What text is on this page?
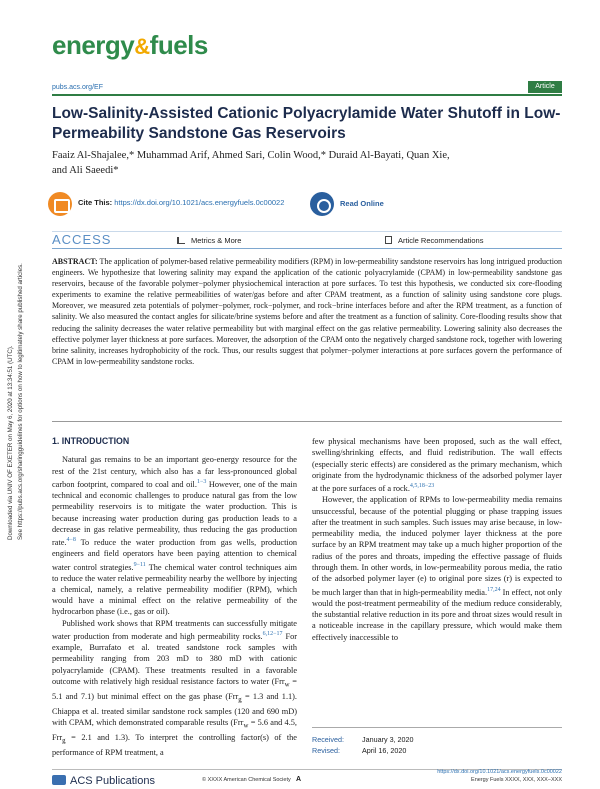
Downloaded via UNIV OF EXETER on May 6, 2020 at 13:34:51 (UTC). See https://pubs.acs.org/sharingguidelines for options on how to legitimately share published articles.
energy&fuels
pubs.acs.org/EF	Article
Low-Salinity-Assisted Cationic Polyacrylamide Water Shutoff in Low-Permeability Sandstone Gas Reservoirs
Faaiz Al-Shajalee,* Muhammad Arif, Ahmed Sari, Colin Wood,* Duraid Al-Bayati, Quan Xie,
and Ali Saeedi*
Cite This: https://dx.doi.org/10.1021/acs.energyfuels.0c00022	Read Online
ACCESS	Metrics & More	Article Recommendations
ABSTRACT: The application of polymer-based relative permeability modifiers (RPM) in low-permeability sandstone reservoirs has long intrigued production engineers. We hypothesize that lowering salinity may expand the application of the cationic polyacrylamide (CPAM) in low-permeability sandstone gas reservoirs, because of the favorable polymer−polymer physiochemical interaction at pore surfaces. To test this hypothesis, we conducted six core-flooding experiments to examine the relative permeabilities of water/gas before and after CPAM treatment, as a function of salinity using sandstone core plugs. Moreover, we measured zeta potentials of polymer−polymer, rock−polymer, and rock−brine interfaces before and after the RPM treatment, as a function of salinity. We also measured the contact angles for silicate/brine systems before and after the treatment as a function of salinity. Core-flooding results show that reducing the salinity decreases the water relative permeability but with marginal effect on the gas relative permeability. Lowering salinity also decreases the effective polymer layer thickness at pore surfaces. Moreover, the adsorption of the CPAM onto the negatively charged sandstone rock, together with lowering brine salinity, increases hydrophobicity of the rock. Thus, our results suggest that polymer−polymer interactions at pore surfaces govern the performance of CPAM in low-permeability sandstone rocks.
1. INTRODUCTION

Natural gas remains to be an important geo-energy resource for the rest of the 21st century, which also has a far less-pronounced global carbon footprint, compared to coal and oil.$^{1-3}$ However, one of the main technical and economic challenges to produce natural gas from the low permeability reservoirs is to mitigate the water production. This is because increasing water production during gas production leads to a decrease in gas relative permeability, thus reducing the gas production rate.$^{4-8}$ To reduce the water production from gas wells, production engineers and field operators have been paying attention to chemical water control strategies.$^{9-11}$ The chemical water control techniques aim to reduce the water relative permeability nearby the wellbore by injecting a chemical, namely, a relative permeability modifier (RPM), which would have a minimal effect on the relative permeability of the hydrocarbon phase (i.e., gas or oil).

Published work shows that RPM treatments can successfully mitigate water production from moderate and high permeability rocks.$^{6,12-17}$ For example, Burrafato et al. treated sandstone rock samples with permeability ranging from 203 mD to 380 mD with cationic polyacrylamide (CPAM). These treatments resulted in a favorable outcome with relatively high residual resistance factors to water (Frr$_w$ = 5.1 and 7.1) but minimal effect on the gas phase (Frr$_g$ = 1.3 and 1.1). Chiappa et al. treated similar sandstone rock samples (120 and 690 mD) with CPAM, which demonstrated comparable results (Frr$_w$ = 5.6 and 4.5, Frr$_g$ = 2.1 and 1.3). To interpret the controlling factor(s) of the performance of RPM treatment, a

few physical mechanisms have been proposed, such as the wall effect, swelling/shrinking effects, and fluid redistribution. The wall effects (especially steric effects) are considered as the primary mechanism, which originate from the hydrodynamic thickness of the adsorbed polymer layer at the pore surfaces of a rock.$^{4,5,18-23}$

However, the application of RPMs to low-permeability media remains unsuccessful, because of the potential plugging or phase trapping issues after the treatment in such samples. Such issues may arise because, in low-permeability media, the induced polymer layer thickness at the pore surface by an RPM treatment may take up a much higher proportion of the radius of the pores and throats, impeding the effective passage of fluids through them. In other words, in low-permeability porous media, the ratio of the adsorbed polymer layer (e) to original pore sizes (r) is expected to be much larger than that in high-permeability media.$^{17,24}$ In effect, not only would the post-treatment permeability of the medium reduce considerably, the substantial relative reduction in its pore and throat sizes would result in a noticeable increase in the capillary pressure, which would make them effectively inaccessible to

Received:	January 3, 2020
Revised:	April 16, 2020
ACS Publications	© XXXX American Chemical Society A
https://dx.doi.org/10.1021/acs.energyfuels.0c00022
Energy Fuels XXXX, XXX, XXX−XXX
